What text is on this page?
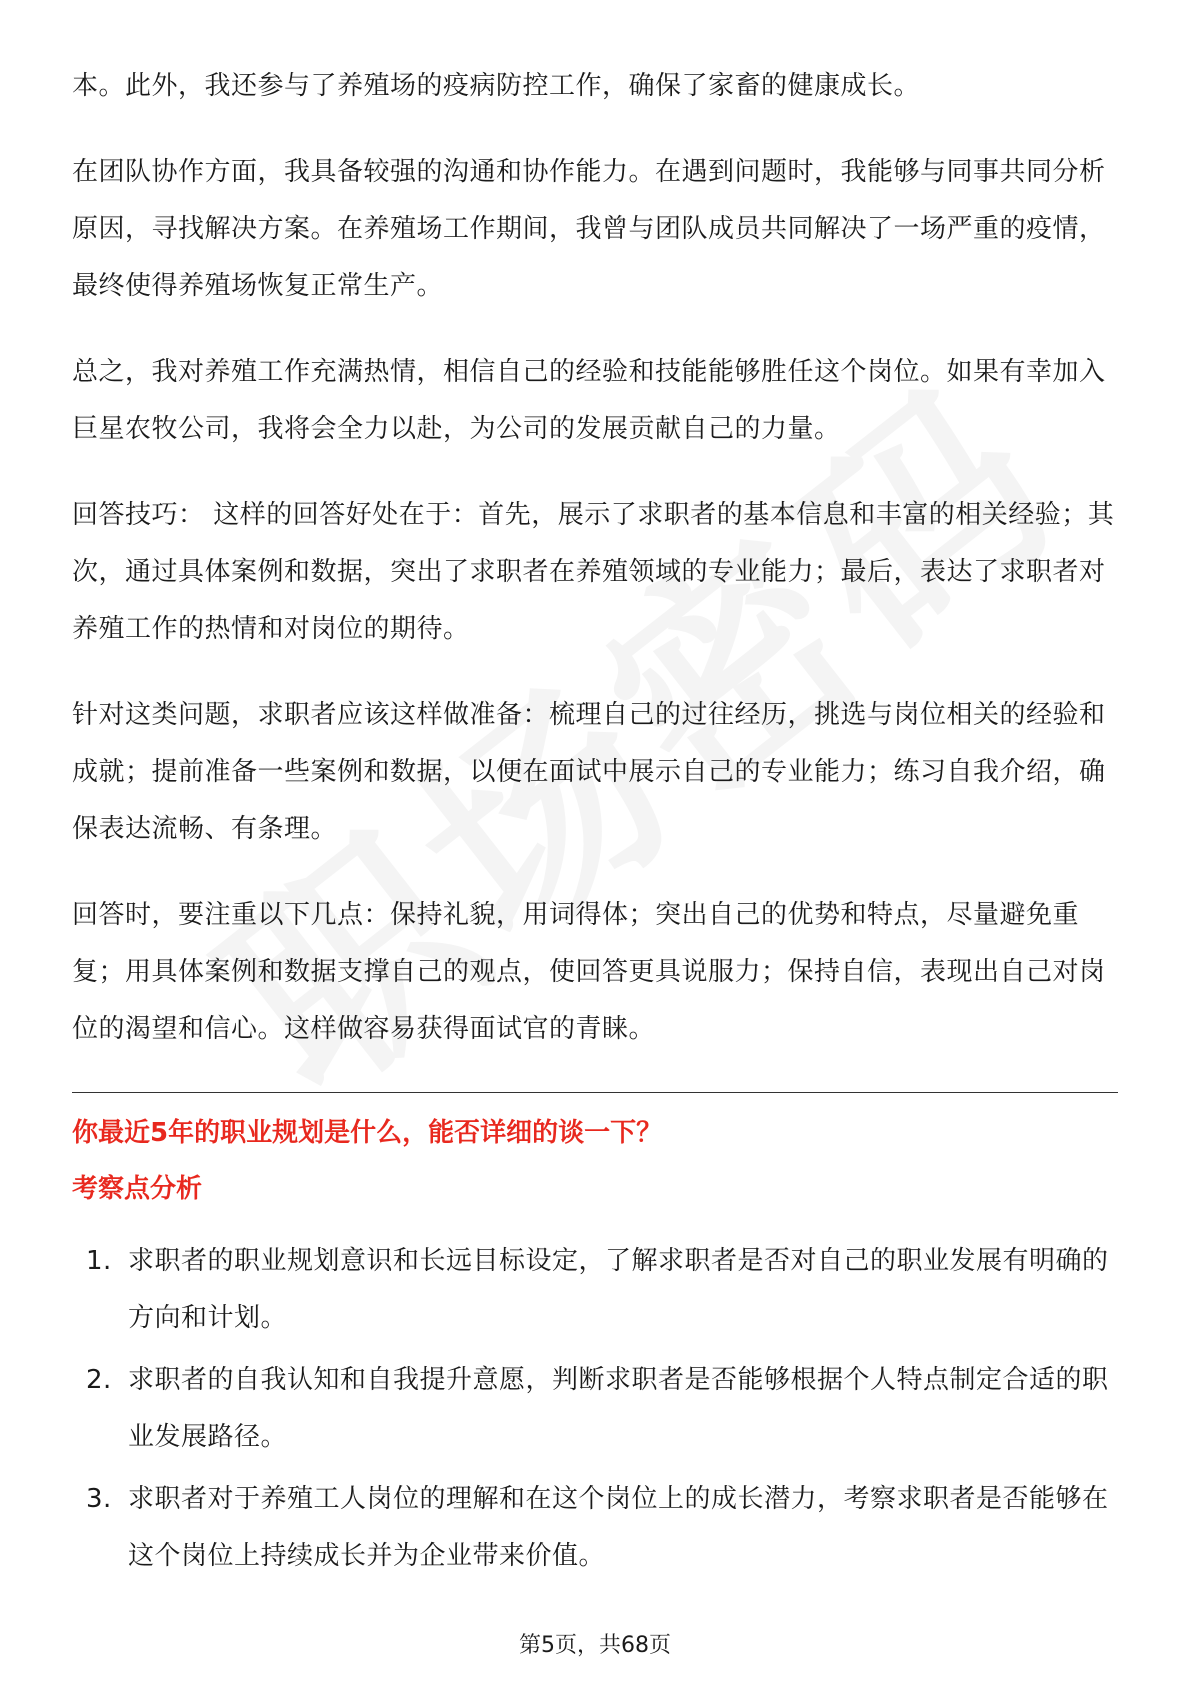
本。此外，我还参与了养殖场的疫病防控工作，确保了家畜的健康成长。

在团队协作方面，我具备较强的沟通和协作能力。在遇到问题时，我能够与同事共同分析原因，寻找解决方案。在养殖场工作期间，我曾与团队成员共同解决了一场严重的疫情，最终使得养殖场恢复正常生产。

总之，我对养殖工作充满热情，相信自己的经验和技能能够胜任这个岗位。如果有幸加入巨星农牧公司，我将会全力以赴，为公司的发展贡献自己的力量。

回答技巧： 这样的回答好处在于：首先，展示了求职者的基本信息和丰富的相关经验；其次，通过具体案例和数据，突出了求职者在养殖领域的专业能力；最后，表达了求职者对养殖工作的热情和对岗位的期待。

针对这类问题，求职者应该这样做准备：梳理自己的过往经历，挑选与岗位相关的经验和成就；提前准备一些案例和数据，以便在面试中展示自己的专业能力；练习自我介绍，确保表达流畅、有条理。

回答时，要注重以下几点：保持礼貌，用词得体；突出自己的优势和特点，尽量避免重复；用具体案例和数据支撑自己的观点，使回答更具说服力；保持自信，表现出自己对岗位的渴望和信心。这样做容易获得面试官的青睐。

你最近5年的职业规划是什么，能否详细的谈一下？
考察点分析
1. 求职者的职业规划意识和长远目标设定，了解求职者是否对自己的职业发展有明确的方向和计划。
2. 求职者的自我认知和自我提升意愿，判断求职者是否能够根据个人特点制定合适的职业发展路径。
3. 求职者对于养殖工人岗位的理解和在这个岗位上的成长潜力，考察求职者是否能够在这个岗位上持续成长并为企业带来价值。
第5页，共68页
